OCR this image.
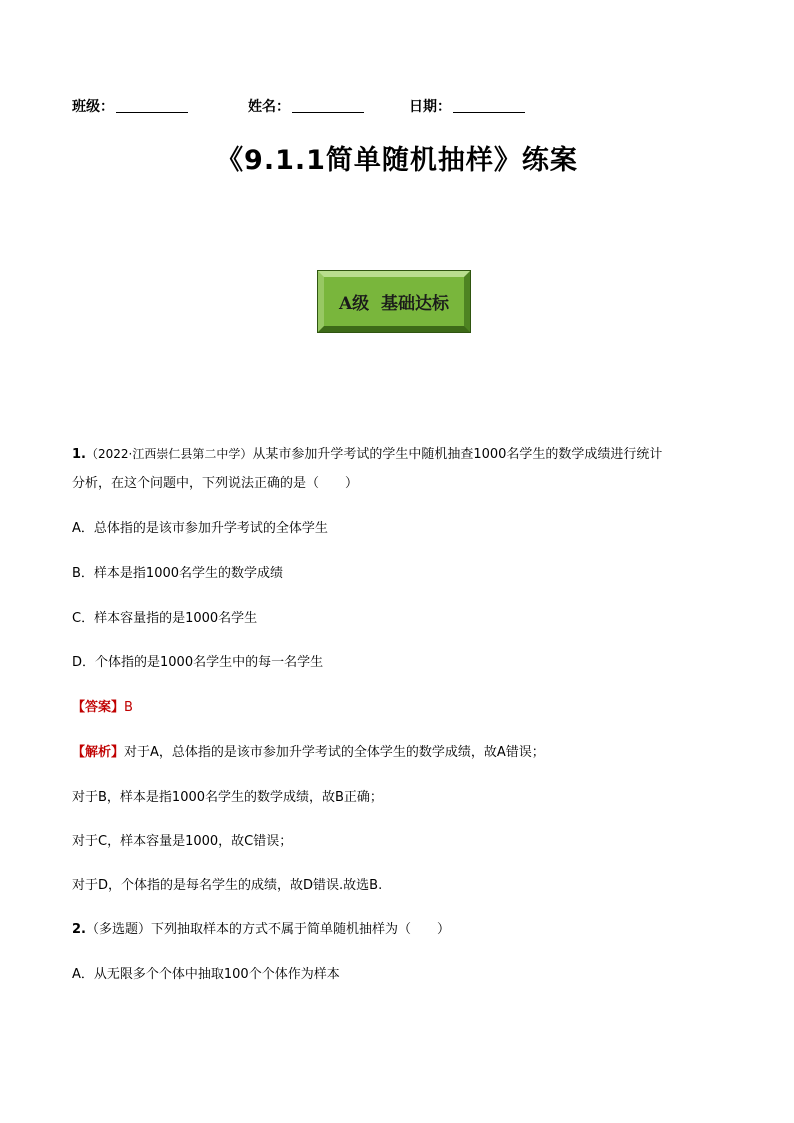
班级：	姓名：	日期：
《9.1.1简单随机抽样》练案
A级  基础达标
1.（2022·江西崇仁县第二中学）从某市参加升学考试的学生中随机抽查1000名学生的数学成绩进行统计
分析，在这个问题中，下列说法正确的是（　　）
A．总体指的是该市参加升学考试的全体学生
B．样本是指1000名学生的数学成绩
C．样本容量指的是1000名学生
D．个体指的是1000名学生中的每一名学生
【答案】B
【解析】对于A，总体指的是该市参加升学考试的全体学生的数学成绩，故A错误；
对于B，样本是指1000名学生的数学成绩，故B正确；
对于C，样本容量是1000，故C错误；
对于D，个体指的是每名学生的成绩，故D错误.故选B.
2.（多选题）下列抽取样本的方式不属于简单随机抽样为（　　）
A．从无限多个个体中抽取100个个体作为样本
